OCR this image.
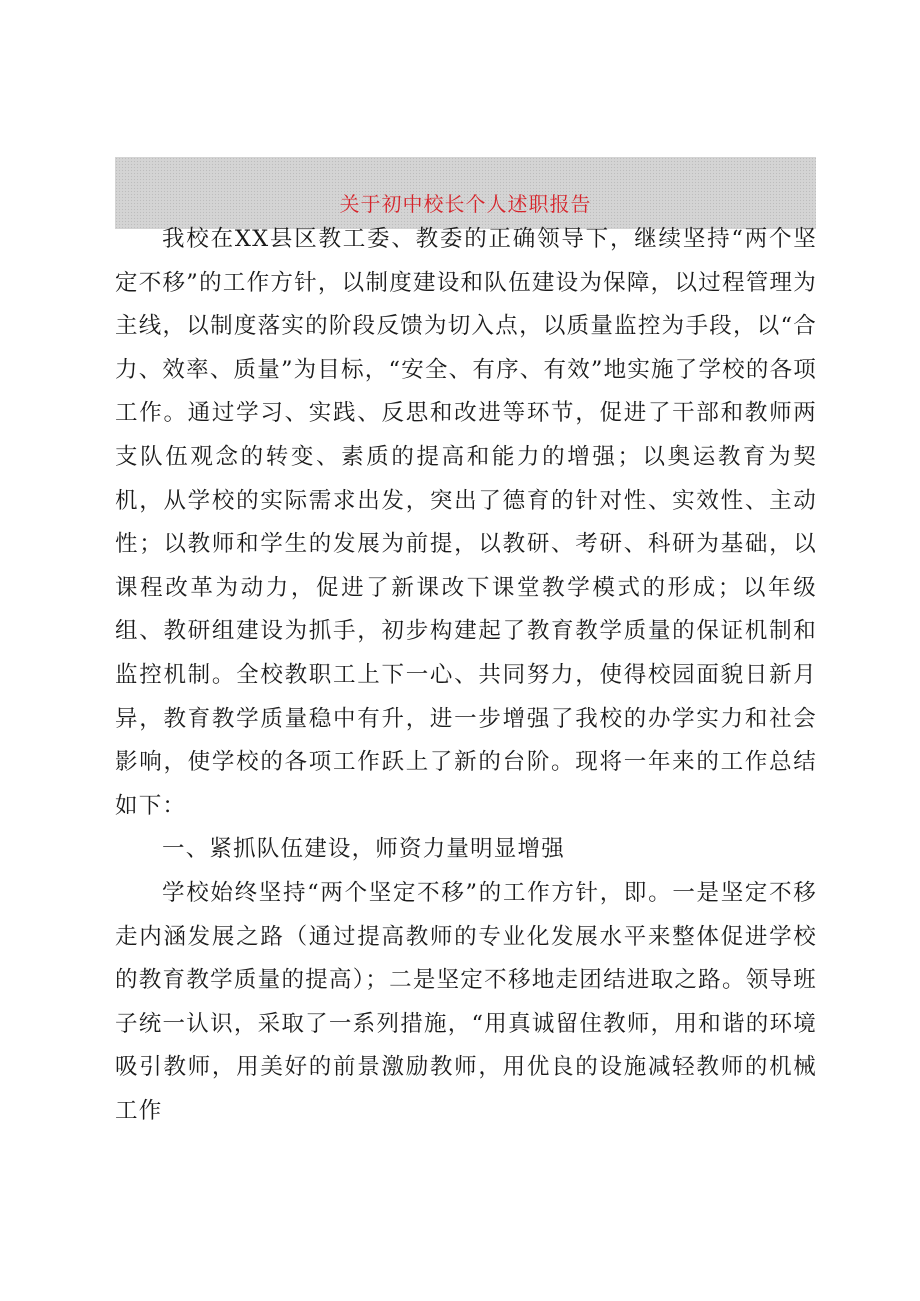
关于初中校长个人述职报告

我校在XX县区教工委、教委的正确领导下，继续坚持“两个坚定不移”的工作方针，以制度建设和队伍建设为保障，以过程管理为主线，以制度落实的阶段反馈为切入点，以质量监控为手段，以“合力、效率、质量”为目标，“安全、有序、有效”地实施了学校的各项工作。通过学习、实践、反思和改进等环节，促进了干部和教师两支队伍观念的转变、素质的提高和能力的增强；以奥运教育为契机，从学校的实际需求出发，突出了德育的针对性、实效性、主动性；以教师和学生的发展为前提，以教研、考研、科研为基础，以课程改革为动力，促进了新课改下课堂教学模式的形成；以年级组、教研组建设为抓手，初步构建起了教育教学质量的保证机制和监控机制。全校教职工上下一心、共同努力，使得校园面貌日新月异，教育教学质量稳中有升，进一步增强了我校的办学实力和社会影响，使学校的各项工作跃上了新的台阶。现将一年来的工作总结如下：

一、紧抓队伍建设，师资力量明显增强

学校始终坚持“两个坚定不移”的工作方针，即。一是坚定不移走内涵发展之路（通过提高教师的专业化发展水平来整体促进学校的教育教学质量的提高）；二是坚定不移地走团结进取之路。领导班子统一认识，采取了一系列措施，“用真诚留住教师，用和谐的环境吸引教师，用美好的前景激励教师，用优良的设施减轻教师的机械工作
